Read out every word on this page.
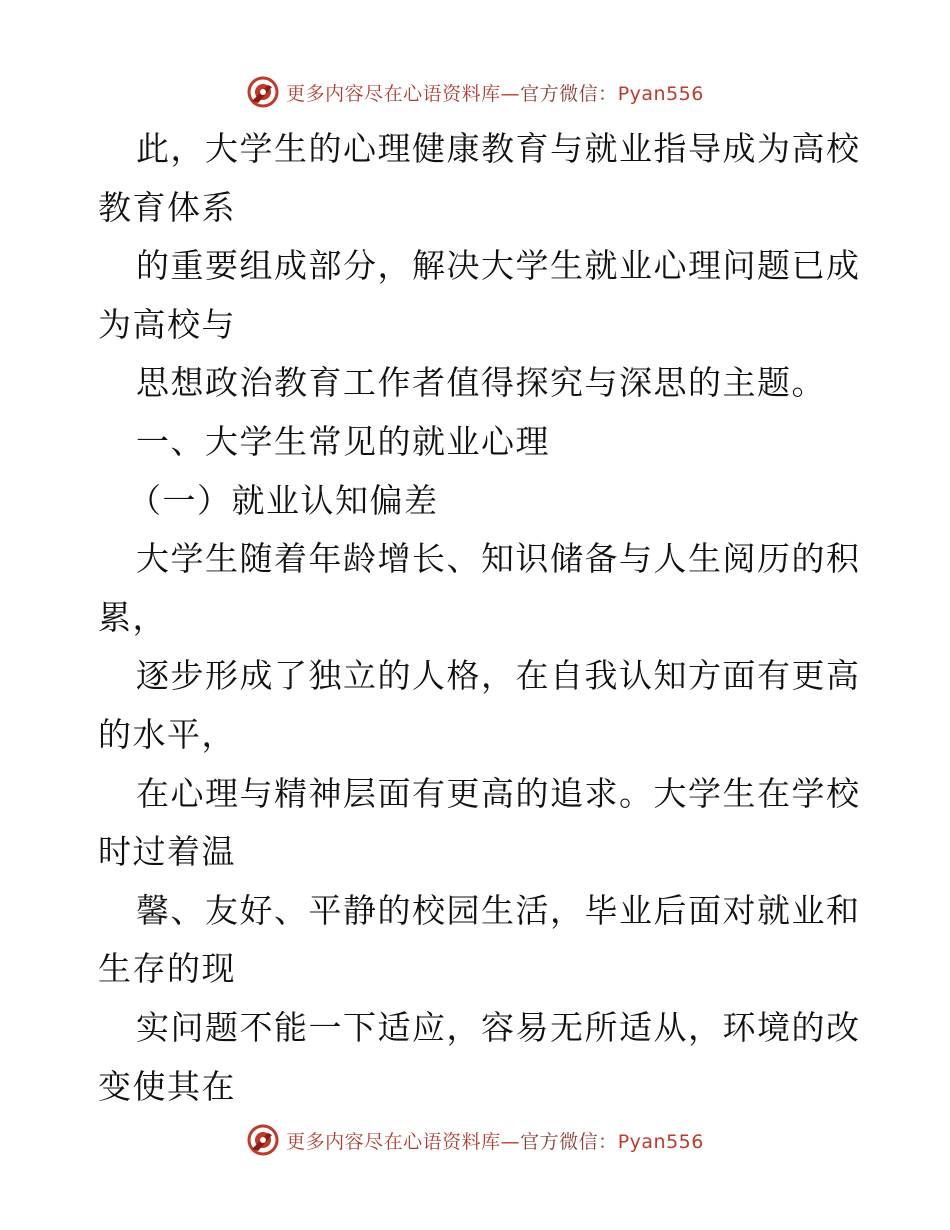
更多内容尽在心语资料库—官方微信：Pyan556
此，大学生的心理健康教育与就业指导成为高校
教育体系
的重要组成部分，解决大学生就业心理问题已成
为高校与
思想政治教育工作者值得探究与深思的主题。
一、大学生常见的就业心理
（一）就业认知偏差
大学生随着年龄增长、知识储备与人生阅历的积
累，
逐步形成了独立的人格，在自我认知方面有更高
的水平，
在心理与精神层面有更高的追求。大学生在学校
时过着温
馨、友好、平静的校园生活，毕业后面对就业和
生存的现
实问题不能一下适应，容易无所适从，环境的改
变使其在
更多内容尽在心语资料库—官方微信：Pyan556
